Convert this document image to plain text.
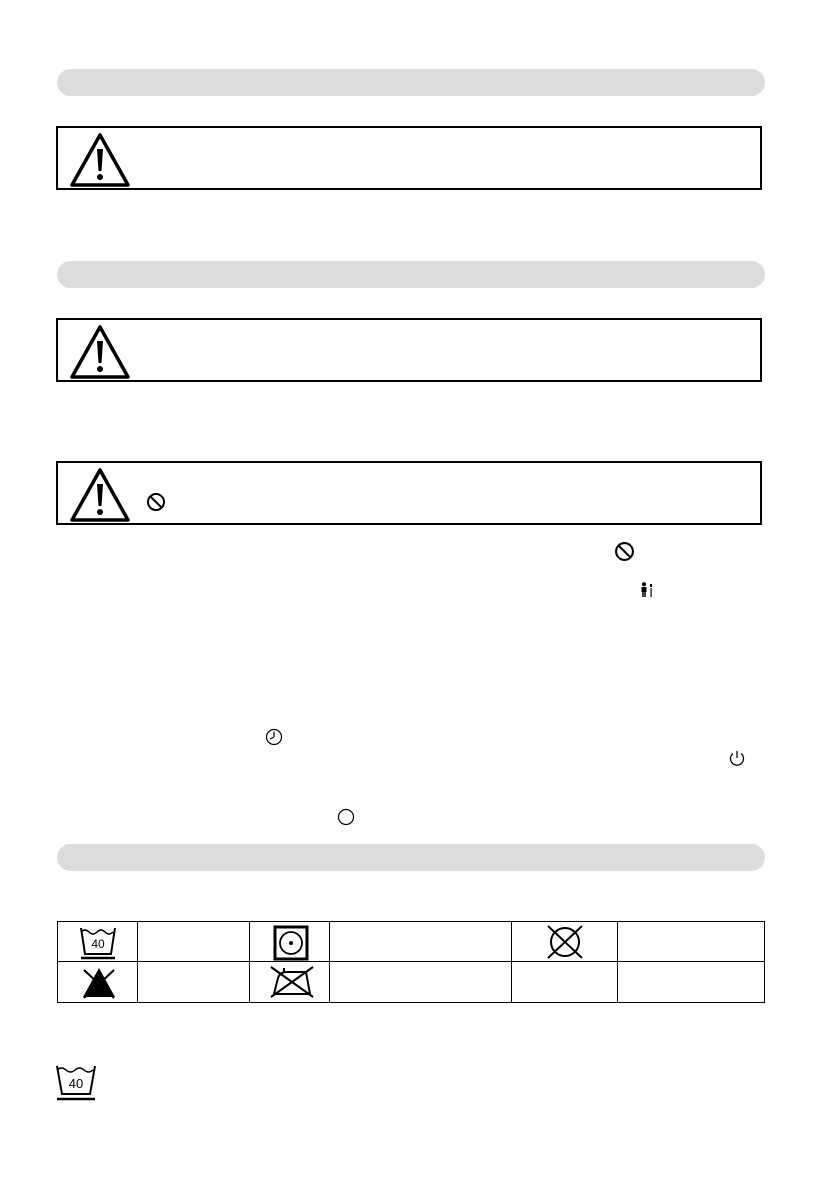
40
40
